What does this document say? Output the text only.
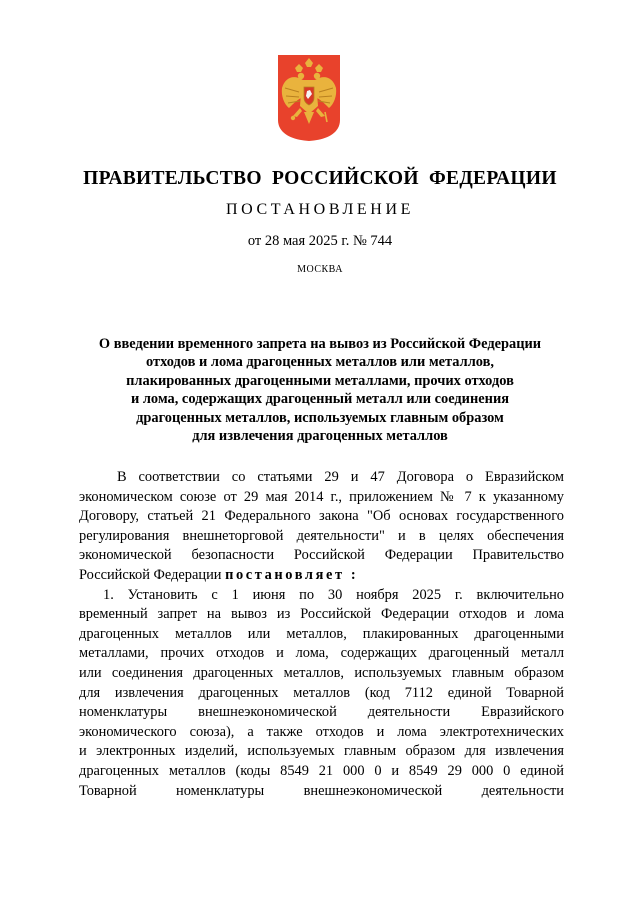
ПРАВИТЕЛЬСТВО РОССИЙСКОЙ ФЕДЕРАЦИИ
ПОСТАНОВЛЕНИЕ
от 28 мая 2025 г. № 744
МОСКВА
О введении временного запрета на вывоз из Российской Федерации
отходов и лома драгоценных металлов или металлов,
плакированных драгоценными металлами, прочих отходов
и лома, содержащих драгоценный металл или соединения
драгоценных металлов, используемых главным образом
для извлечения драгоценных металлов
В соответствии со статьями 29 и 47 Договора о Евразийском
экономическом союзе от 29 мая 2014 г., приложением № 7 к указанному
Договору, статьей 21 Федерального закона "Об основах государственного
регулирования внешнеторговой деятельности" и в целях обеспечения
экономической безопасности Российской Федерации Правительство
Российской Федерации постановляет :
1. Установить с 1 июня по 30 ноября 2025 г. включительно
временный запрет на вывоз из Российской Федерации отходов и лома
драгоценных металлов или металлов, плакированных драгоценными
металлами, прочих отходов и лома, содержащих драгоценный металл
или соединения драгоценных металлов, используемых главным образом
для извлечения драгоценных металлов (код 7112 единой Товарной
номенклатуры внешнеэкономической деятельности Евразийского
экономического союза), а также отходов и лома электротехнических
и электронных изделий, используемых главным образом для извлечения
драгоценных металлов (коды 8549 21 000 0 и 8549 29 000 0 единой
Товарной номенклатуры внешнеэкономической деятельности
